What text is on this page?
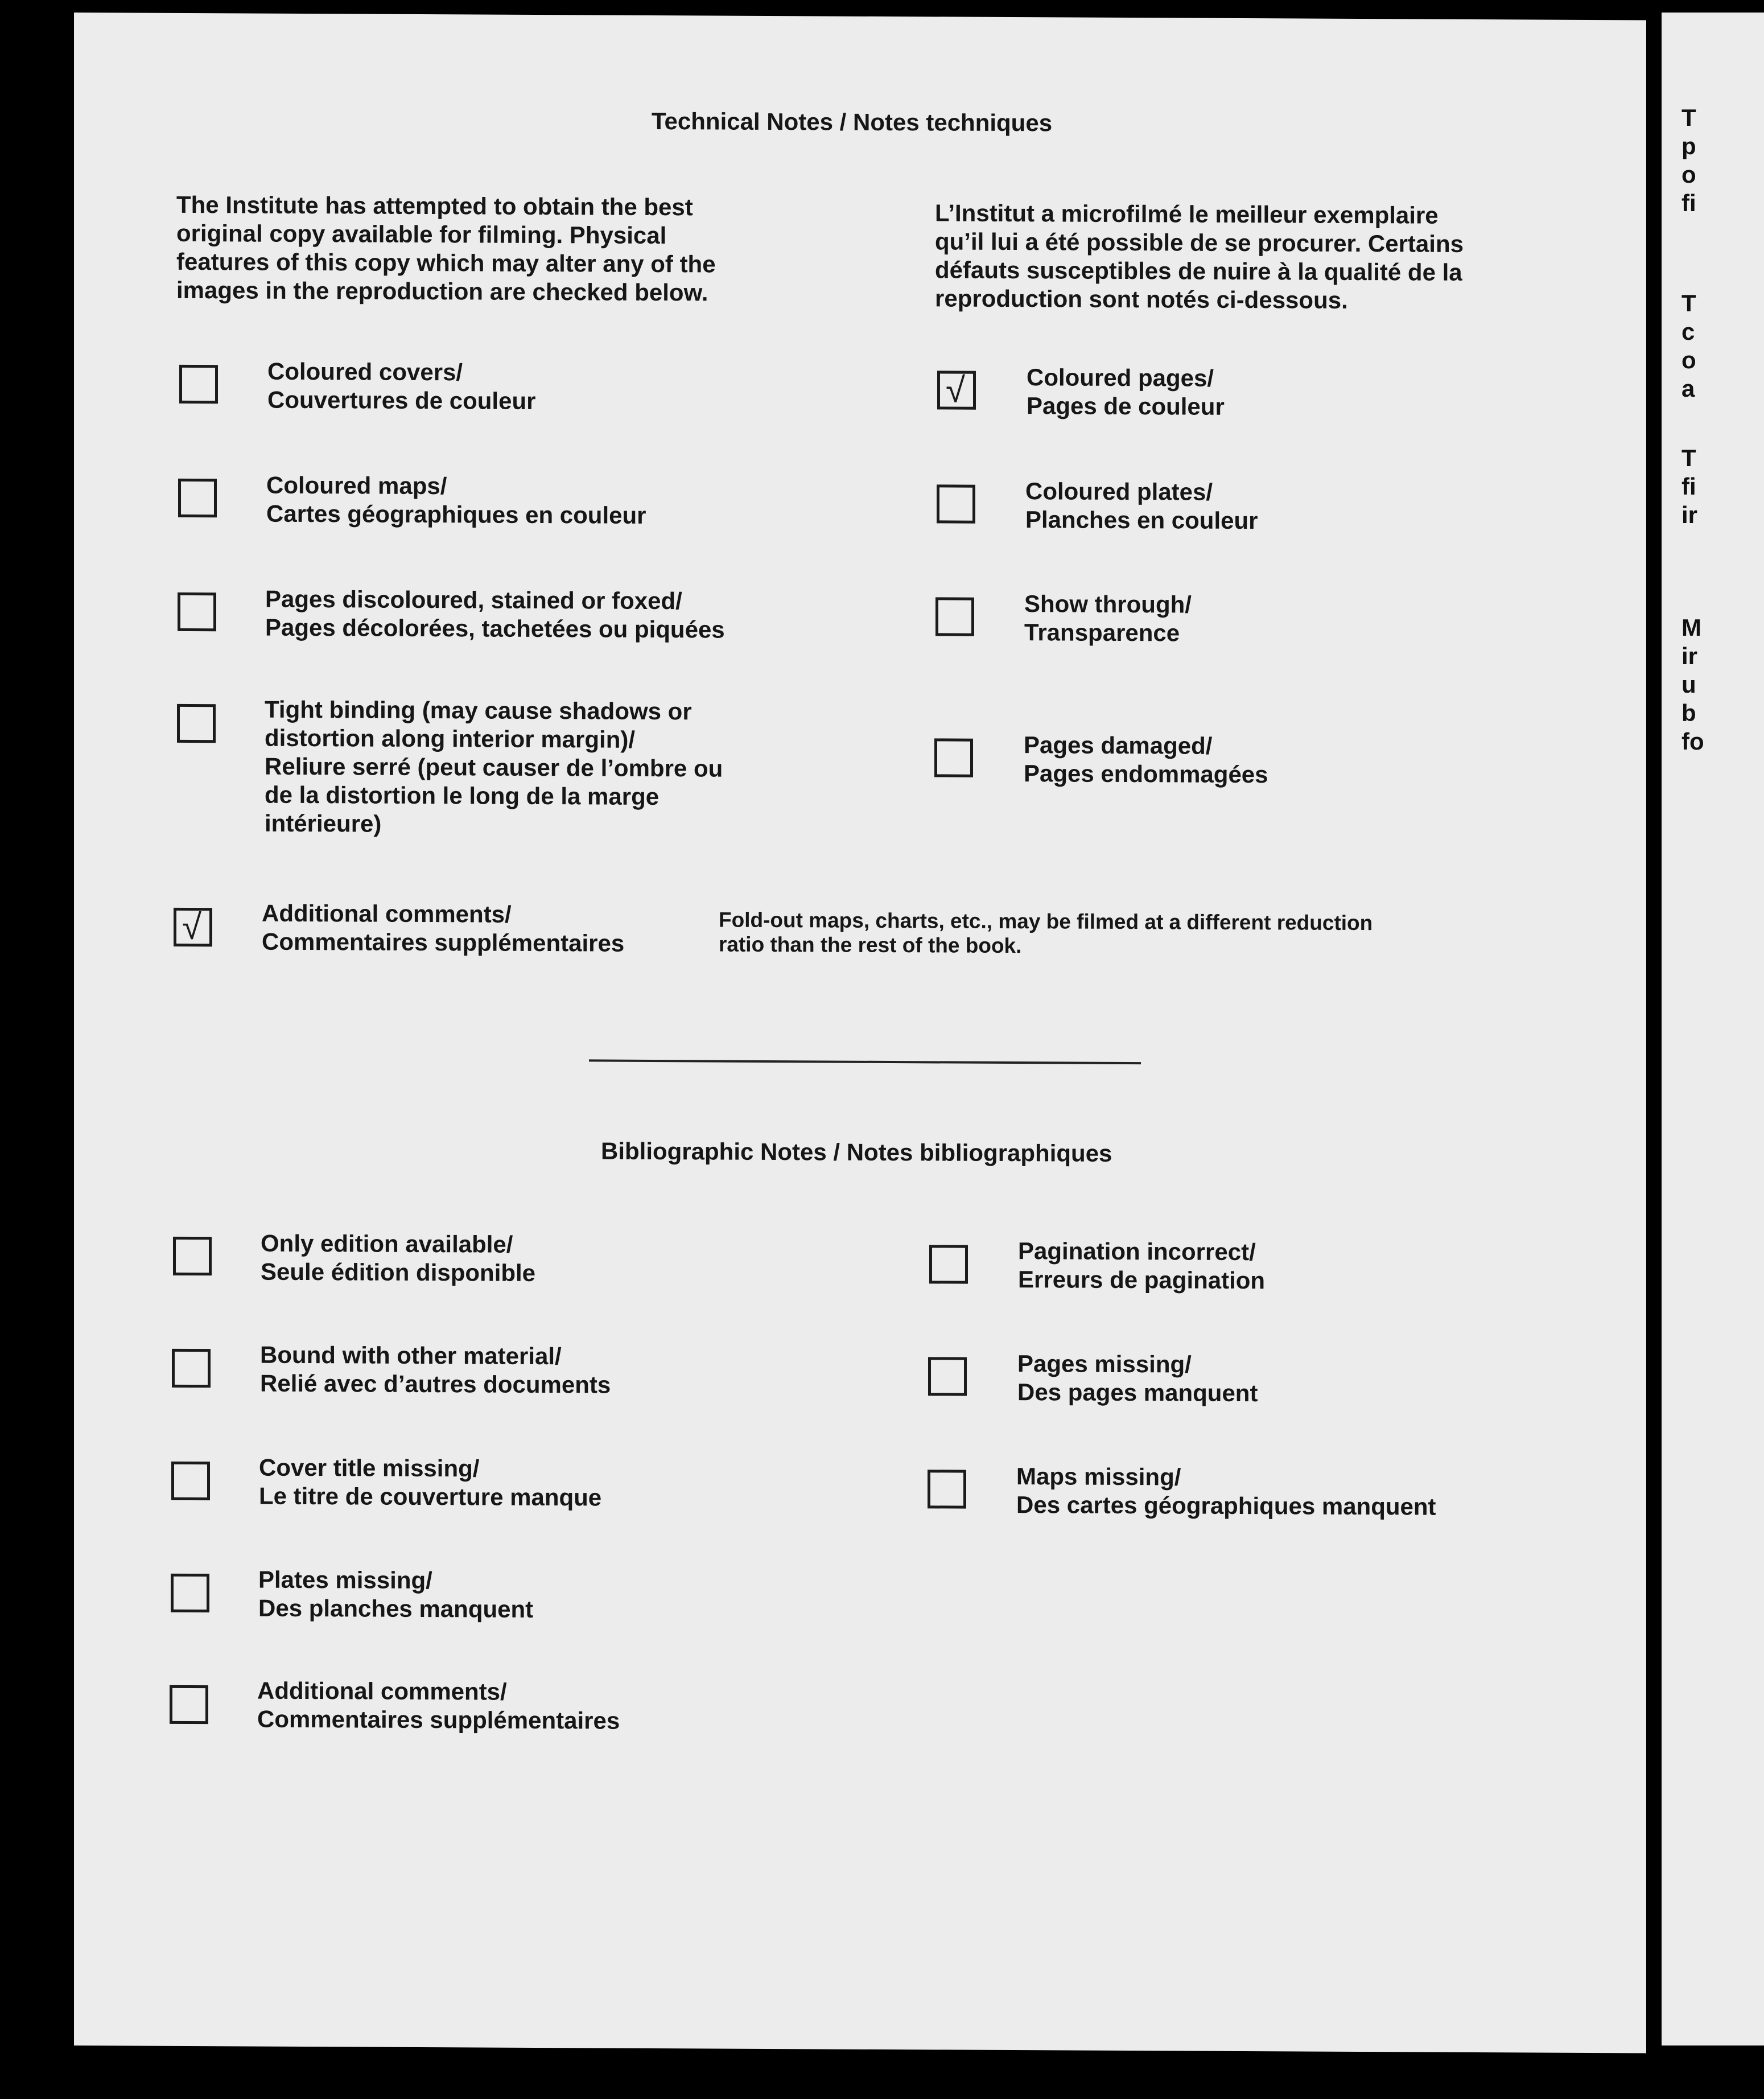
Technical Notes / Notes techniques
The Institute has attempted to obtain the best
original copy available for filming. Physical
features of this copy which may alter any of the
images in the reproduction are checked below.
L’Institut a microfilmé le meilleur exemplaire
qu’il lui a été possible de se procurer. Certains
défauts susceptibles de nuire à la qualité de la
reproduction sont notés ci-dessous.
Coloured covers/
Couvertures de couleur
Coloured maps/
Cartes géographiques en couleur
Pages discoloured, stained or foxed/
Pages décolorées, tachetées ou piquées
Tight binding (may cause shadows or
distortion along interior margin)/
Reliure serré (peut causer de l’ombre ou
de la distortion le long de la marge
intérieure)
√	Coloured pages/
Pages de couleur
Coloured plates/
Planches en couleur
Show through/
Transparence
Pages damaged/
Pages endommagées
√	Additional comments/
Commentaires supplémentaires
Fold-out maps, charts, etc., may be filmed at a different reduction
ratio than the rest of the book.
Bibliographic Notes / Notes bibliographiques
Only edition available/
Seule édition disponible
Bound with other material/
Relié avec d’autres documents
Cover title missing/
Le titre de couverture manque
Plates missing/
Des planches manquent
Additional comments/
Commentaires supplémentaires
Pagination incorrect/
Erreurs de pagination
Pages missing/
Des pages manquent
Maps missing/
Des cartes géographiques manquent
T
p
o
fi
T
c
o
a
T
fi
ir
M
ir
u
b
fo
